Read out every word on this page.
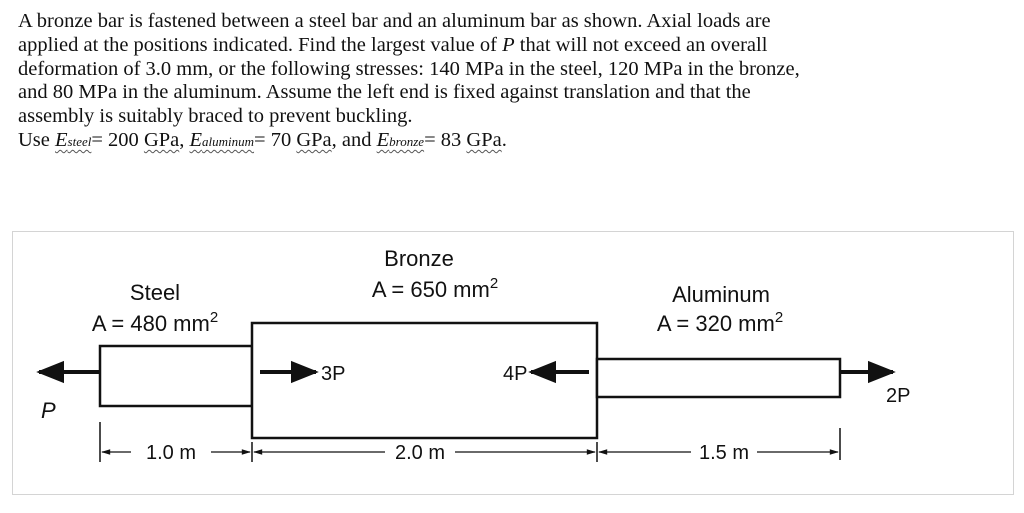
A bronze bar is fastened between a steel bar and an aluminum bar as shown. Axial loads are

applied at the positions indicated. Find the largest value of P that will not exceed an overall

deformation of 3.0 mm, or the following stresses: 140 MPa in the steel, 120 MPa in the bronze,

and 80 MPa in the aluminum. Assume the left end is fixed against translation and that the

assembly is suitably braced to prevent buckling.

Use Esteel= 200 GPa, Ealuminum= 70 GPa, and Ebronze= 83 GPa.

Steel
A = 480 $mm^2$
Bronze
A = 650 $mm^2$	Aluminum
A = 320 $mm^2$
P
3P	4P
2P
1.0 m	2.0 m	1.5 m
